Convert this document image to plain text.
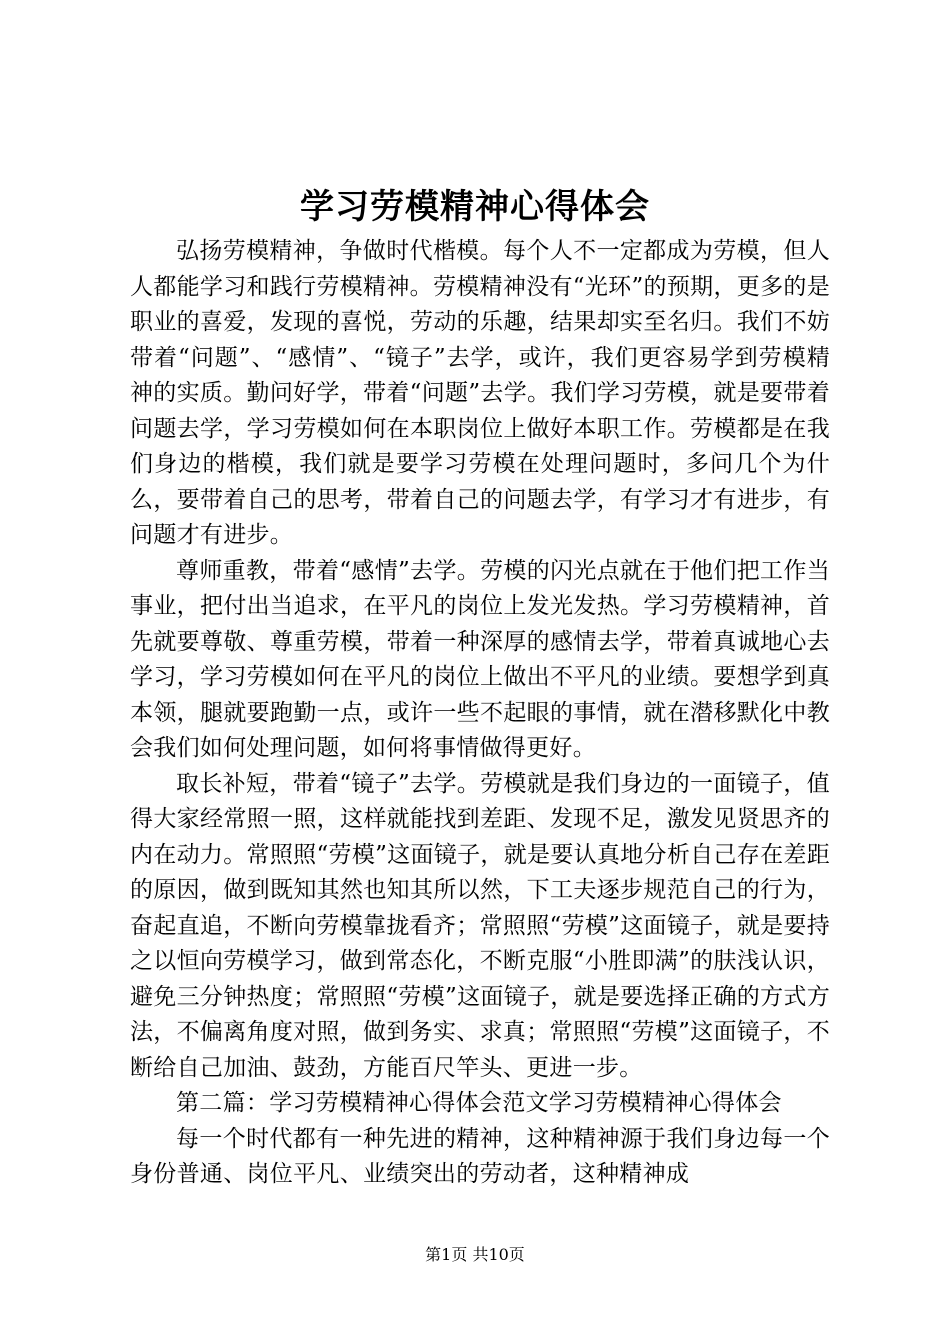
学习劳模精神心得体会

弘扬劳模精神，争做时代楷模。每个人不一定都成为劳模，但人人都能学习和践行劳模精神。劳模精神没有“光环”的预期，更多的是职业的喜爱，发现的喜悦，劳动的乐趣，结果却实至名归。我们不妨带着“问题”、“感情”、“镜子”去学，或许，我们更容易学到劳模精神的实质。勤问好学，带着“问题”去学。我们学习劳模，就是要带着问题去学，学习劳模如何在本职岗位上做好本职工作。劳模都是在我们身边的楷模，我们就是要学习劳模在处理问题时，多问几个为什么，要带着自己的思考，带着自己的问题去学，有学习才有进步，有问题才有进步。

尊师重教，带着“感情”去学。劳模的闪光点就在于他们把工作当事业，把付出当追求，在平凡的岗位上发光发热。学习劳模精神，首先就要尊敬、尊重劳模，带着一种深厚的感情去学，带着真诚地心去学习，学习劳模如何在平凡的岗位上做出不平凡的业绩。要想学到真本领，腿就要跑勤一点，或许一些不起眼的事情，就在潜移默化中教会我们如何处理问题，如何将事情做得更好。

取长补短，带着“镜子”去学。劳模就是我们身边的一面镜子，值得大家经常照一照，这样就能找到差距、发现不足，激发见贤思齐的内在动力。常照照“劳模”这面镜子，就是要认真地分析自己存在差距的原因，做到既知其然也知其所以然，下工夫逐步规范自己的行为，奋起直追，不断向劳模靠拢看齐；常照照“劳模”这面镜子，就是要持之以恒向劳模学习，做到常态化，不断克服“小胜即满”的肤浅认识，避免三分钟热度；常照照“劳模”这面镜子，就是要选择正确的方式方法，不偏离角度对照，做到务实、求真；常照照“劳模”这面镜子，不断给自己加油、鼓劲，方能百尺竿头、更进一步。

第二篇：学习劳模精神心得体会范文学习劳模精神心得体会

每一个时代都有一种先进的精神，这种精神源于我们身边每一个身份普通、岗位平凡、业绩突出的劳动者，这种精神成

第1页 共10页
